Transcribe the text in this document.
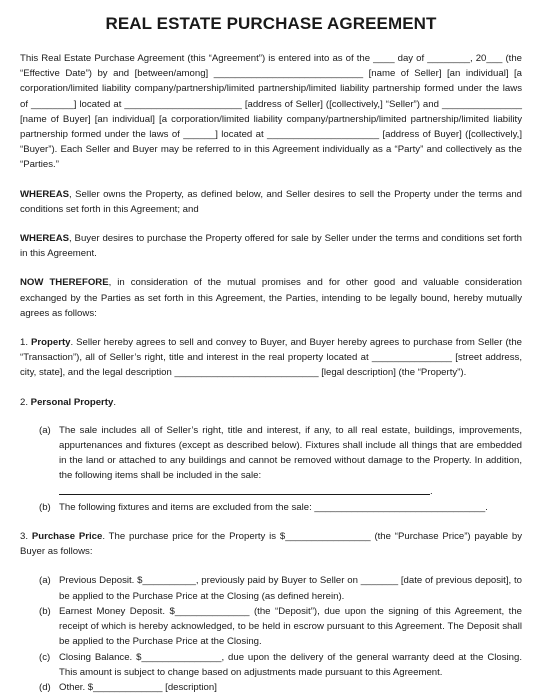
REAL ESTATE PURCHASE AGREEMENT

This Real Estate Purchase Agreement (this “Agreement”) is entered into as of the ____ day of ________, 20___ (the “Effective Date”) by and [between/among] ____________________________ [name of Seller] [an individual] [a corporation/limited liability company/partnership/limited partnership/limited liability partnership formed under the laws of ________] located at ______________________ [address of Seller] ([collectively,] “Seller”) and _______________ [name of Buyer] [an individual] [a corporation/limited liability company/partnership/limited partnership/limited liability partnership formed under the laws of ______] located at _____________________ [address of Buyer] ([collectively,] “Buyer”). Each Seller and Buyer may be referred to in this Agreement individually as a “Party” and collectively as the “Parties.”

WHEREAS, Seller owns the Property, as defined below, and Seller desires to sell the Property under the terms and conditions set forth in this Agreement; and

WHEREAS, Buyer desires to purchase the Property offered for sale by Seller under the terms and conditions set forth in this Agreement.

NOW THEREFORE, in consideration of the mutual promises and for other good and valuable consideration exchanged by the Parties as set forth in this Agreement, the Parties, intending to be legally bound, hereby mutually agrees as follows:

1. Property. Seller hereby agrees to sell and convey to Buyer, and Buyer hereby agrees to purchase from Seller (the “Transaction”), all of Seller’s right, title and interest in the real property located at _______________ [street address, city, state], and the legal description ___________________________ [legal description] (the “Property”).

2. Personal Property.

(a) The sale includes all of Seller’s right, title and interest, if any, to all real estate, buildings, improvements, appurtenances and fixtures (except as described below). Fixtures shall include all things that are embedded in the land or attached to any buildings and cannot be removed without damage to the Property. In addition, the following items shall be included in the sale:

.
(b) The following fixtures and items are excluded from the sale: ________________________________.

3. Purchase Price. The purchase price for the Property is $________________ (the “Purchase Price”) payable by Buyer as follows:

(a) Previous Deposit. $__________, previously paid by Buyer to Seller on _______ [date of previous deposit], to be applied to the Purchase Price at the Closing (as defined herein).

(b) Earnest Money Deposit. $______________ (the “Deposit”), due upon the signing of this Agreement, the receipt of which is hereby acknowledged, to be held in escrow pursuant to this Agreement. The Deposit shall be applied to the Purchase Price at the Closing.

(c) Closing Balance. $_______________, due upon the delivery of the general warranty deed at the Closing. This amount is subject to change based on adjustments made pursuant to this Agreement.

(d) Other. $_____________ [description]
